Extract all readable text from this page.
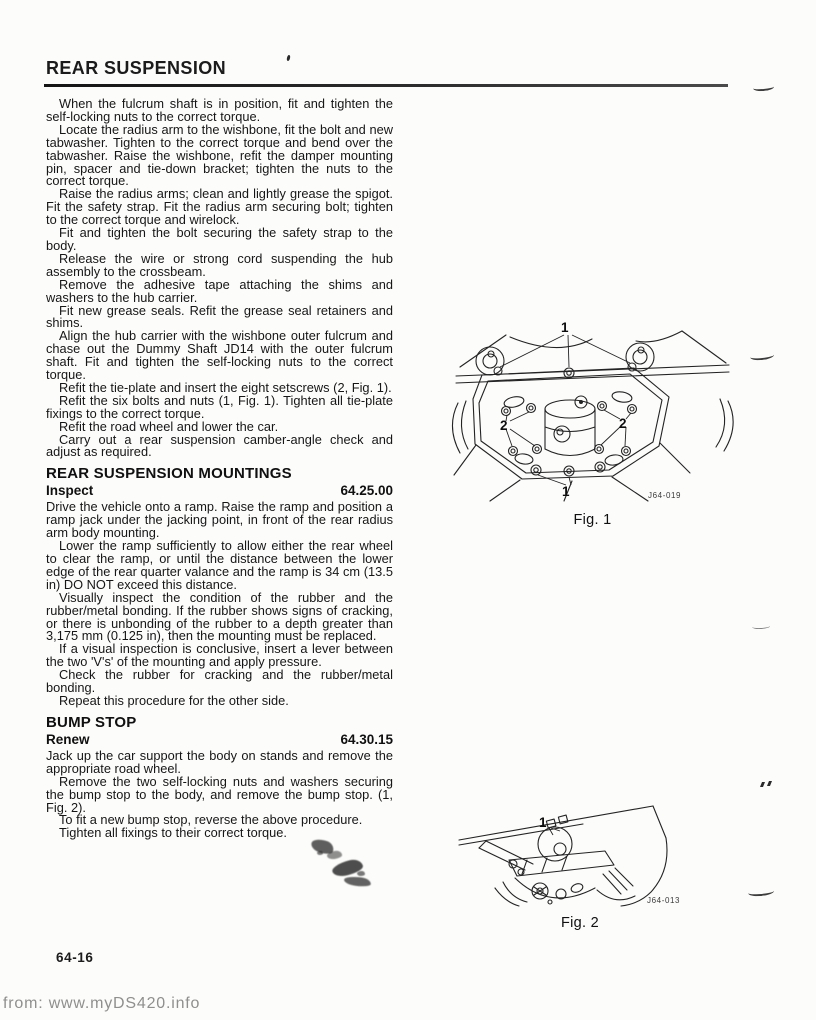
REAR SUSPENSION

When the fulcrum shaft is in position, fit and tighten the self-locking nuts to the correct torque.

Locate the radius arm to the wishbone, fit the bolt and new tabwasher. Tighten to the correct torque and bend over the tabwasher. Raise the wishbone, refit the damper mounting pin, spacer and tie-down bracket; tighten the nuts to the correct torque.

Raise the radius arms; clean and lightly grease the spigot. Fit the safety strap. Fit the radius arm securing bolt; tighten to the correct torque and wirelock.

Fit and tighten the bolt securing the safety strap to the body.

Release the wire or strong cord suspending the hub assembly to the crossbeam.

Remove the adhesive tape attaching the shims and washers to the hub carrier.

Fit new grease seals. Refit the grease seal retainers and shims.

Align the hub carrier with the wishbone outer fulcrum and chase out the Dummy Shaft JD14 with the outer fulcrum shaft. Fit and tighten the self-locking nuts to the correct torque.

Refit the tie-plate and insert the eight setscrews (2, Fig. 1).

Refit the six bolts and nuts (1, Fig. 1). Tighten all tie-plate fixings to the correct torque.

Refit the road wheel and lower the car.

Carry out a rear suspension camber-angle check and adjust as required.

REAR SUSPENSION MOUNTINGS
Inspect	64.25.00

Drive the vehicle onto a ramp. Raise the ramp and position a ramp jack under the jacking point, in front of the rear radius arm body mounting.

Lower the ramp sufficiently to allow either the rear wheel to clear the ramp, or until the distance between the lower edge of the rear quarter valance and the ramp is 34 cm (13.5 in) DO NOT exceed this distance.

Visually inspect the condition of the rubber and the rubber/metal bonding. If the rubber shows signs of cracking, or there is unbonding of the rubber to a depth greater than 3,175 mm (0.125 in), then the mounting must be replaced.

If a visual inspection is conclusive, insert a lever between the two 'V's' of the mounting and apply pressure.

Check the rubber for cracking and the rubber/metal bonding.

Repeat this procedure for the other side.

BUMP STOP
Renew	64.30.15

Jack up the car support the body on stands and remove the appropriate road wheel.

Remove the two self-locking nuts and washers securing the bump stop to the body, and remove the bump stop. (1, Fig. 2).

To fit a new bump stop, reverse the above procedure.

Tighten all fixings to their correct torque.

1
1
2	2
J64-019
Fig. 1
1
J64-013
Fig. 2
64-16
from: www.myDS420.info
